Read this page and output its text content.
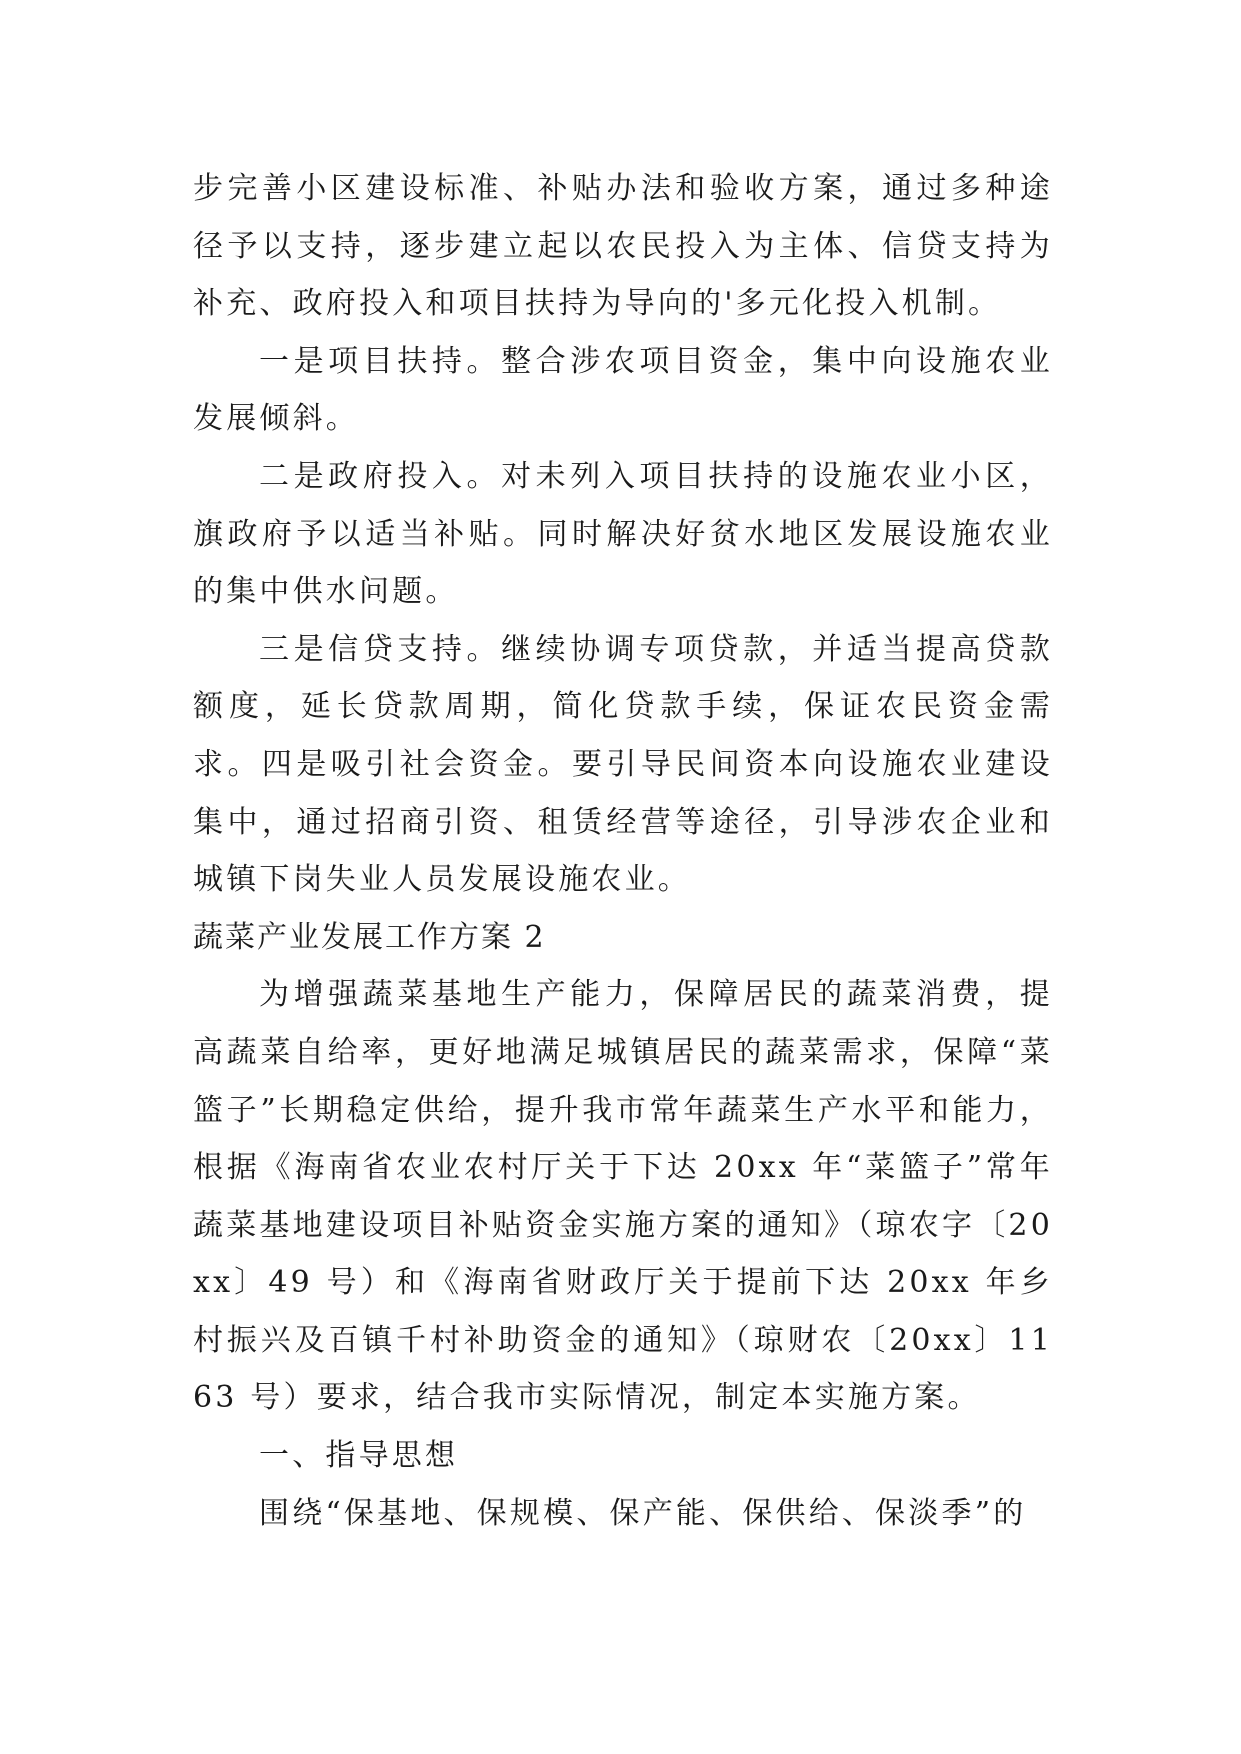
步完善小区建设标准、补贴办法和验收方案，通过多种途径予以支持，逐步建立起以农民投入为主体、信贷支持为补充、政府投入和项目扶持为导向的'多元化投入机制。

一是项目扶持。整合涉农项目资金，集中向设施农业发展倾斜。

二是政府投入。对未列入项目扶持的设施农业小区，旗政府予以适当补贴。同时解决好贫水地区发展设施农业的集中供水问题。

三是信贷支持。继续协调专项贷款，并适当提高贷款额度，延长贷款周期，简化贷款手续，保证农民资金需求。四是吸引社会资金。要引导民间资本向设施农业建设集中，通过招商引资、租赁经营等途径，引导涉农企业和城镇下岗失业人员发展设施农业。

蔬菜产业发展工作方案 2

为增强蔬菜基地生产能力，保障居民的蔬菜消费，提高蔬菜自给率，更好地满足城镇居民的蔬菜需求，保障“菜篮子”长期稳定供给，提升我市常年蔬菜生产水平和能力，根据《海南省农业农村厅关于下达 20xx 年“菜篮子”常年蔬菜基地建设项目补贴资金实施方案的通知》（琼农字〔20xx〕49 号）和《海南省财政厅关于提前下达 20xx 年乡村振兴及百镇千村补助资金的通知》（琼财农〔20xx〕1163 号）要求，结合我市实际情况，制定本实施方案。

一、指导思想

围绕“保基地、保规模、保产能、保供给、保淡季”的
